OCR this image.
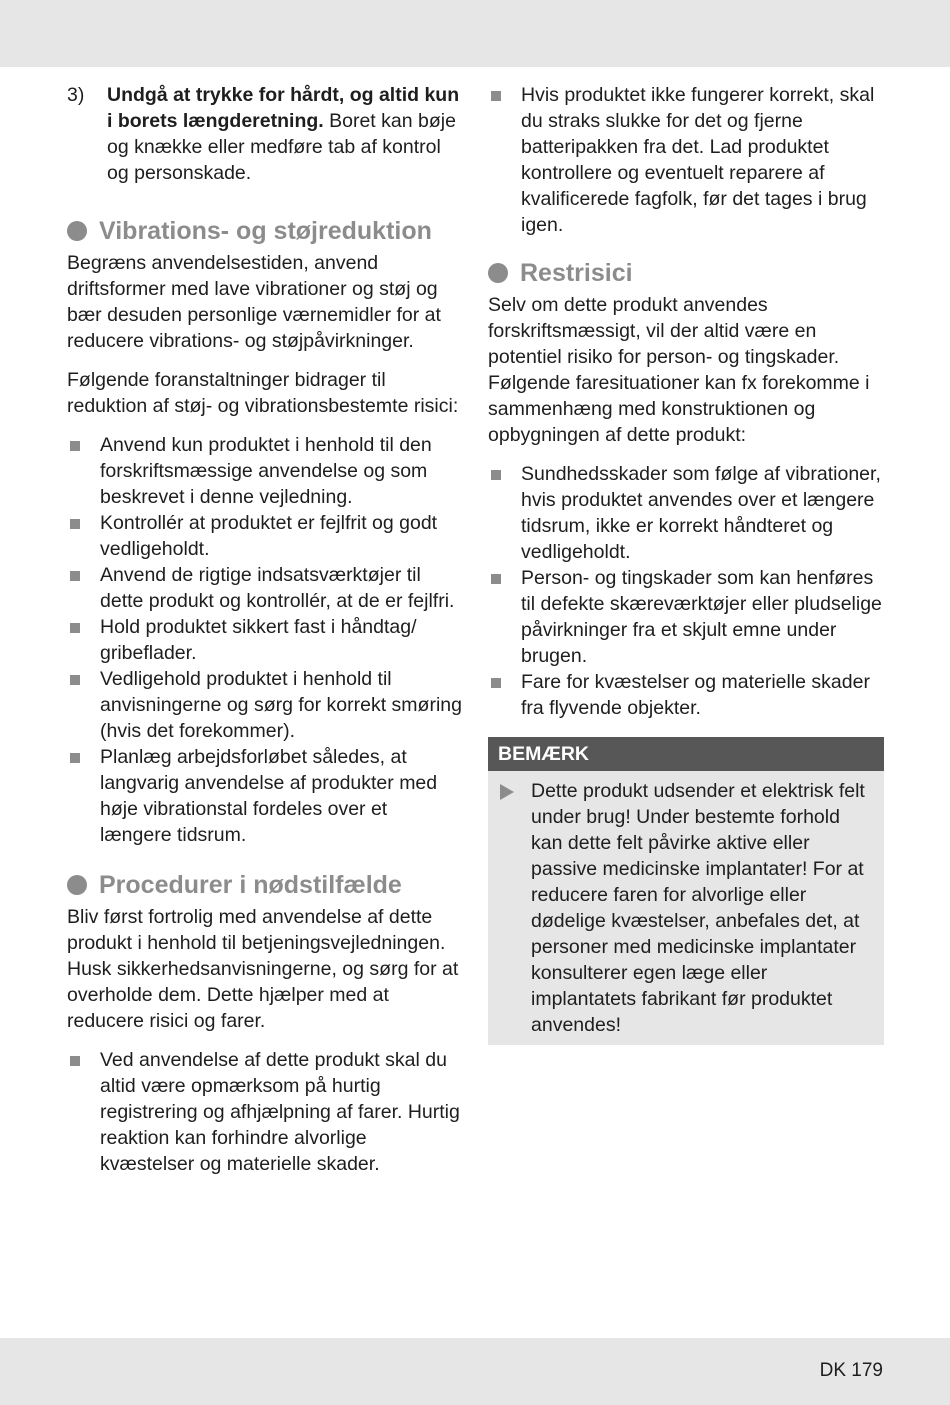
3)	Undgå at trykke for hårdt, og altid kun i borets længderetning. Boret kan bøje og knække eller medføre tab af kontrol og personskade.
Vibrations- og støjreduktion

Begræns anvendelsestiden, anvend driftsformer med lave vibrationer og støj og bær desuden personlige værnemidler for at reducere vibrations- og støjpåvirkninger.

Følgende foranstaltninger bidrager til reduktion af støj- og vibrationsbestemte risici:

Anvend kun produktet i henhold til den forskriftsmæssige anvendelse og som beskrevet i denne vejledning.
Kontrollér at produktet er fejlfrit og godt vedligeholdt.
Anvend de rigtige indsatsværktøjer til dette produkt og kontrollér, at de er fejlfri.
Hold produktet sikkert fast i håndtag/ gribeflader.
Vedligehold produktet i henhold til anvisningerne og sørg for korrekt smøring (hvis det forekommer).
Planlæg arbejdsforløbet således, at langvarig anvendelse af produkter med høje vibrationstal fordeles over et længere tidsrum.
Procedurer i nødstilfælde

Bliv først fortrolig med anvendelse af dette produkt i henhold til betjeningsvejledningen. Husk sikkerhedsanvisningerne, og sørg for at overholde dem. Dette hjælper med at reducere risici og farer.

Ved anvendelse af dette produkt skal du altid være opmærksom på hurtig registrering og afhjælpning af farer. Hurtig reaktion kan forhindre alvorlige kvæstelser og materielle skader.
Hvis produktet ikke fungerer korrekt, skal du straks slukke for det og fjerne batteripakken fra det. Lad produktet kontrollere og eventuelt reparere af kvalificerede fagfolk, før det tages i brug igen.
Restrisici

Selv om dette produkt anvendes forskriftsmæssigt, vil der altid være en potentiel risiko for person- og tingskader. Følgende faresituationer kan fx forekomme i sammenhæng med konstruktionen og opbygningen af dette produkt:

Sundhedsskader som følge af vibrationer, hvis produktet anvendes over et længere tidsrum, ikke er korrekt håndteret og vedligeholdt.
Person- og tingskader som kan henføres til defekte skæreværktøjer eller pludselige påvirkninger fra et skjult emne under brugen.
Fare for kvæstelser og materielle skader fra flyvende objekter.
BEMÆRK
Dette produkt udsender et elektrisk felt under brug! Under bestemte forhold kan dette felt påvirke aktive eller passive medicinske implantater! For at reducere faren for alvorlige eller dødelige kvæstelser, anbefales det, at personer med medicinske implantater konsulterer egen læge eller implantatets fabrikant før produktet anvendes!
DK 179
